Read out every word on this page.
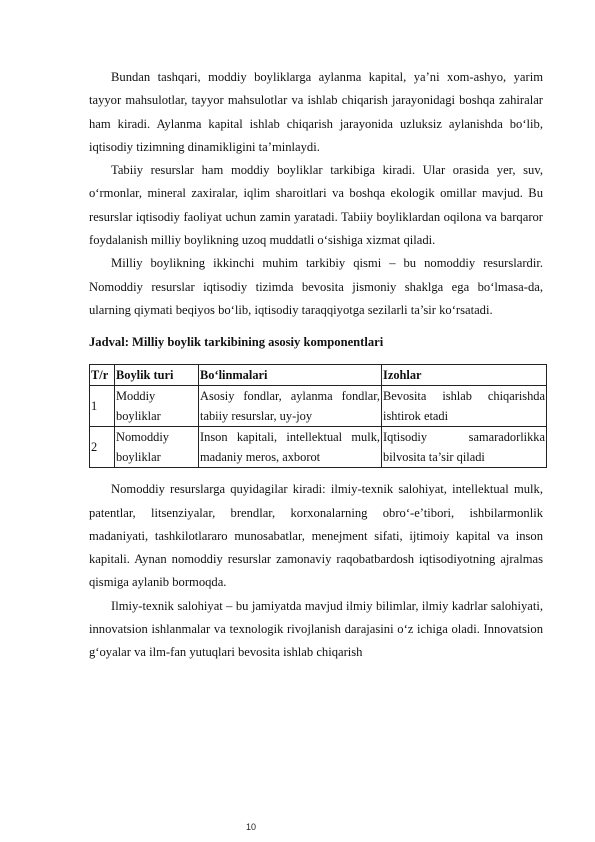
Bundan tashqari, moddiy boyliklarga aylanma kapital, ya’ni xom-ashyo, yarim tayyor mahsulotlar, tayyor mahsulotlar va ishlab chiqarish jarayonidagi boshqa zahiralar ham kiradi. Aylanma kapital ishlab chiqarish jarayonida uzluksiz aylanishda bo‘lib, iqtisodiy tizimning dinamikligini ta’minlaydi.

Tabiiy resurslar ham moddiy boyliklar tarkibiga kiradi. Ular orasida yer, suv, o‘rmonlar, mineral zaxiralar, iqlim sharoitlari va boshqa ekologik omillar mavjud. Bu resurslar iqtisodiy faoliyat uchun zamin yaratadi. Tabiiy boyliklardan oqilona va barqaror foydalanish milliy boylikning uzoq muddatli o‘sishiga xizmat qiladi.

Milliy boylikning ikkinchi muhim tarkibiy qismi – bu nomoddiy resurslardir. Nomoddiy resurslar iqtisodiy tizimda bevosita jismoniy shaklga ega bo‘lmasa-da, ularning qiymati beqiyos bo‘lib, iqtisodiy taraqqiyotga sezilarli ta’sir ko‘rsatadi.

Jadval: Milliy boylik tarkibining asosiy komponentlari
T/r	Boylik turi	Bo‘linmalari	Izohlar
1	Moddiy boyliklar	Asosiy fondlar, aylanma fondlar, tabiiy resurslar, uy-joy	Bevosita ishlab chiqarishda ishtirok etadi
2	Nomoddiy boyliklar	Inson kapitali, intellektual mulk, madaniy meros, axborot	Iqtisodiy samaradorlikka bilvosita ta’sir qiladi

Nomoddiy resurslarga quyidagilar kiradi: ilmiy-texnik salohiyat, intellektual mulk, patentlar, litsenziyalar, brendlar, korxonalarning obro‘-e’tibori, ishbilarmonlik madaniyati, tashkilotlararo munosabatlar, menejment sifati, ijtimoiy kapital va inson kapitali. Aynan nomoddiy resurslar zamonaviy raqobatbardosh iqtisodiyotning ajralmas qismiga aylanib bormoqda.

Ilmiy-texnik salohiyat – bu jamiyatda mavjud ilmiy bilimlar, ilmiy kadrlar salohiyati, innovatsion ishlanmalar va texnologik rivojlanish darajasini o‘z ichiga oladi. Innovatsion g‘oyalar va ilm-fan yutuqlari bevosita ishlab chiqarish

10
